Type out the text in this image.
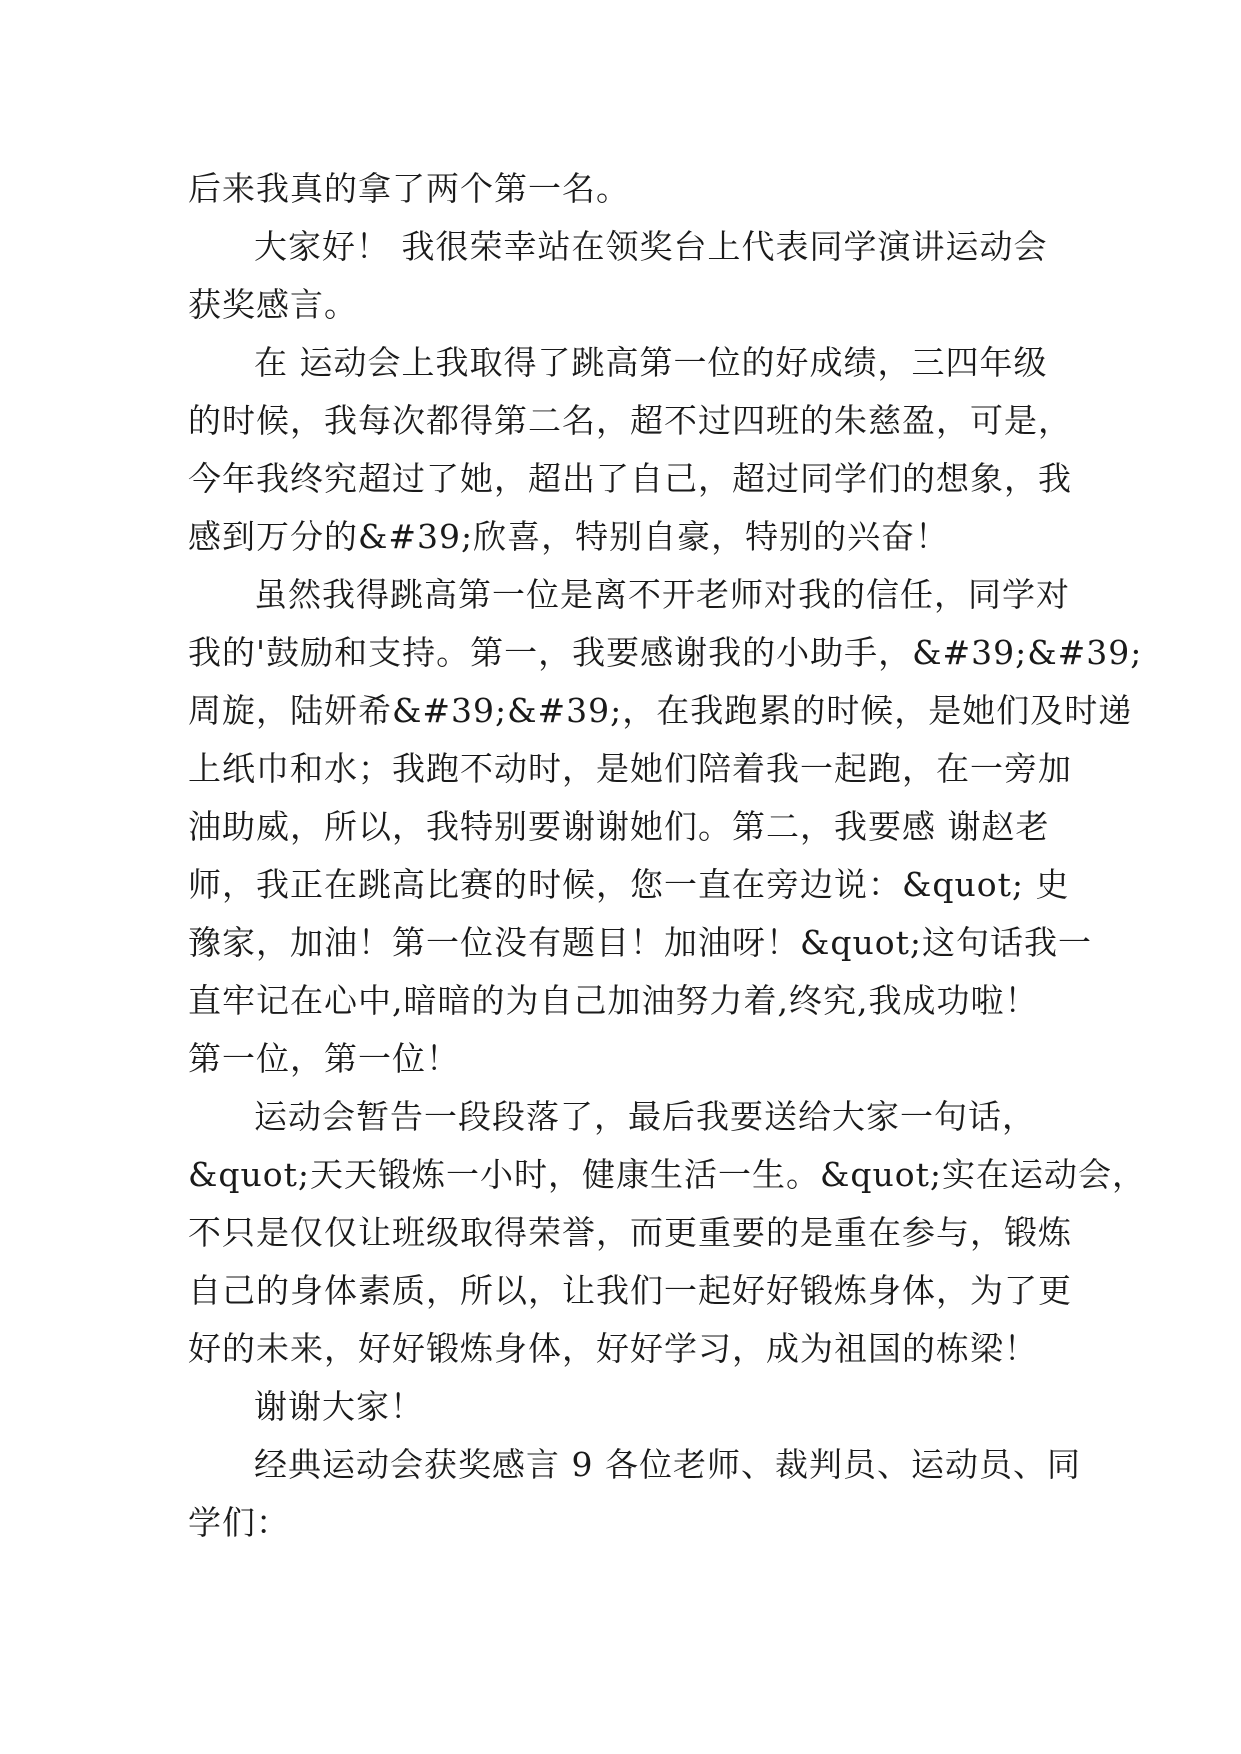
后来我真的拿了两个第一名。
大家好！ 我很荣幸站在领奖台上代表同学演讲运动会
获奖感言。
在 运动会上我取得了跳高第一位的好成绩，三四年级
的时候，我每次都得第二名，超不过四班的朱慈盈，可是，
今年我终究超过了她，超出了自己，超过同学们的想象，我
感到万分的&#39;欣喜，特别自豪，特别的兴奋！
虽然我得跳高第一位是离不开老师对我的信任，同学对
我的'鼓励和支持。第一，我要感谢我的小助手，&#39;&#39;
周旋，陆妍希&#39;&#39;，在我跑累的时候，是她们及时递
上纸巾和水；我跑不动时，是她们陪着我一起跑，在一旁加
油助威，所以，我特别要谢谢她们。第二，我要感 谢赵老
师，我正在跳高比赛的时候，您一直在旁边说：&quot; 史
豫家，加油！第一位没有题目！加油呀！&quot;这句话我一
直牢记在心中,暗暗的为自己加油努力着,终究,我成功啦！
第一位，第一位！
运动会暂告一段段落了，最后我要送给大家一句话，
&quot;天天锻炼一小时，健康生活一生。&quot;实在运动会，
不只是仅仅让班级取得荣誉，而更重要的是重在参与，锻炼
自己的身体素质，所以，让我们一起好好锻炼身体，为了更
好的未来，好好锻炼身体，好好学习，成为祖国的栋梁！
谢谢大家！
经典运动会获奖感言 9 各位老师、裁判员、运动员、同
学们：
